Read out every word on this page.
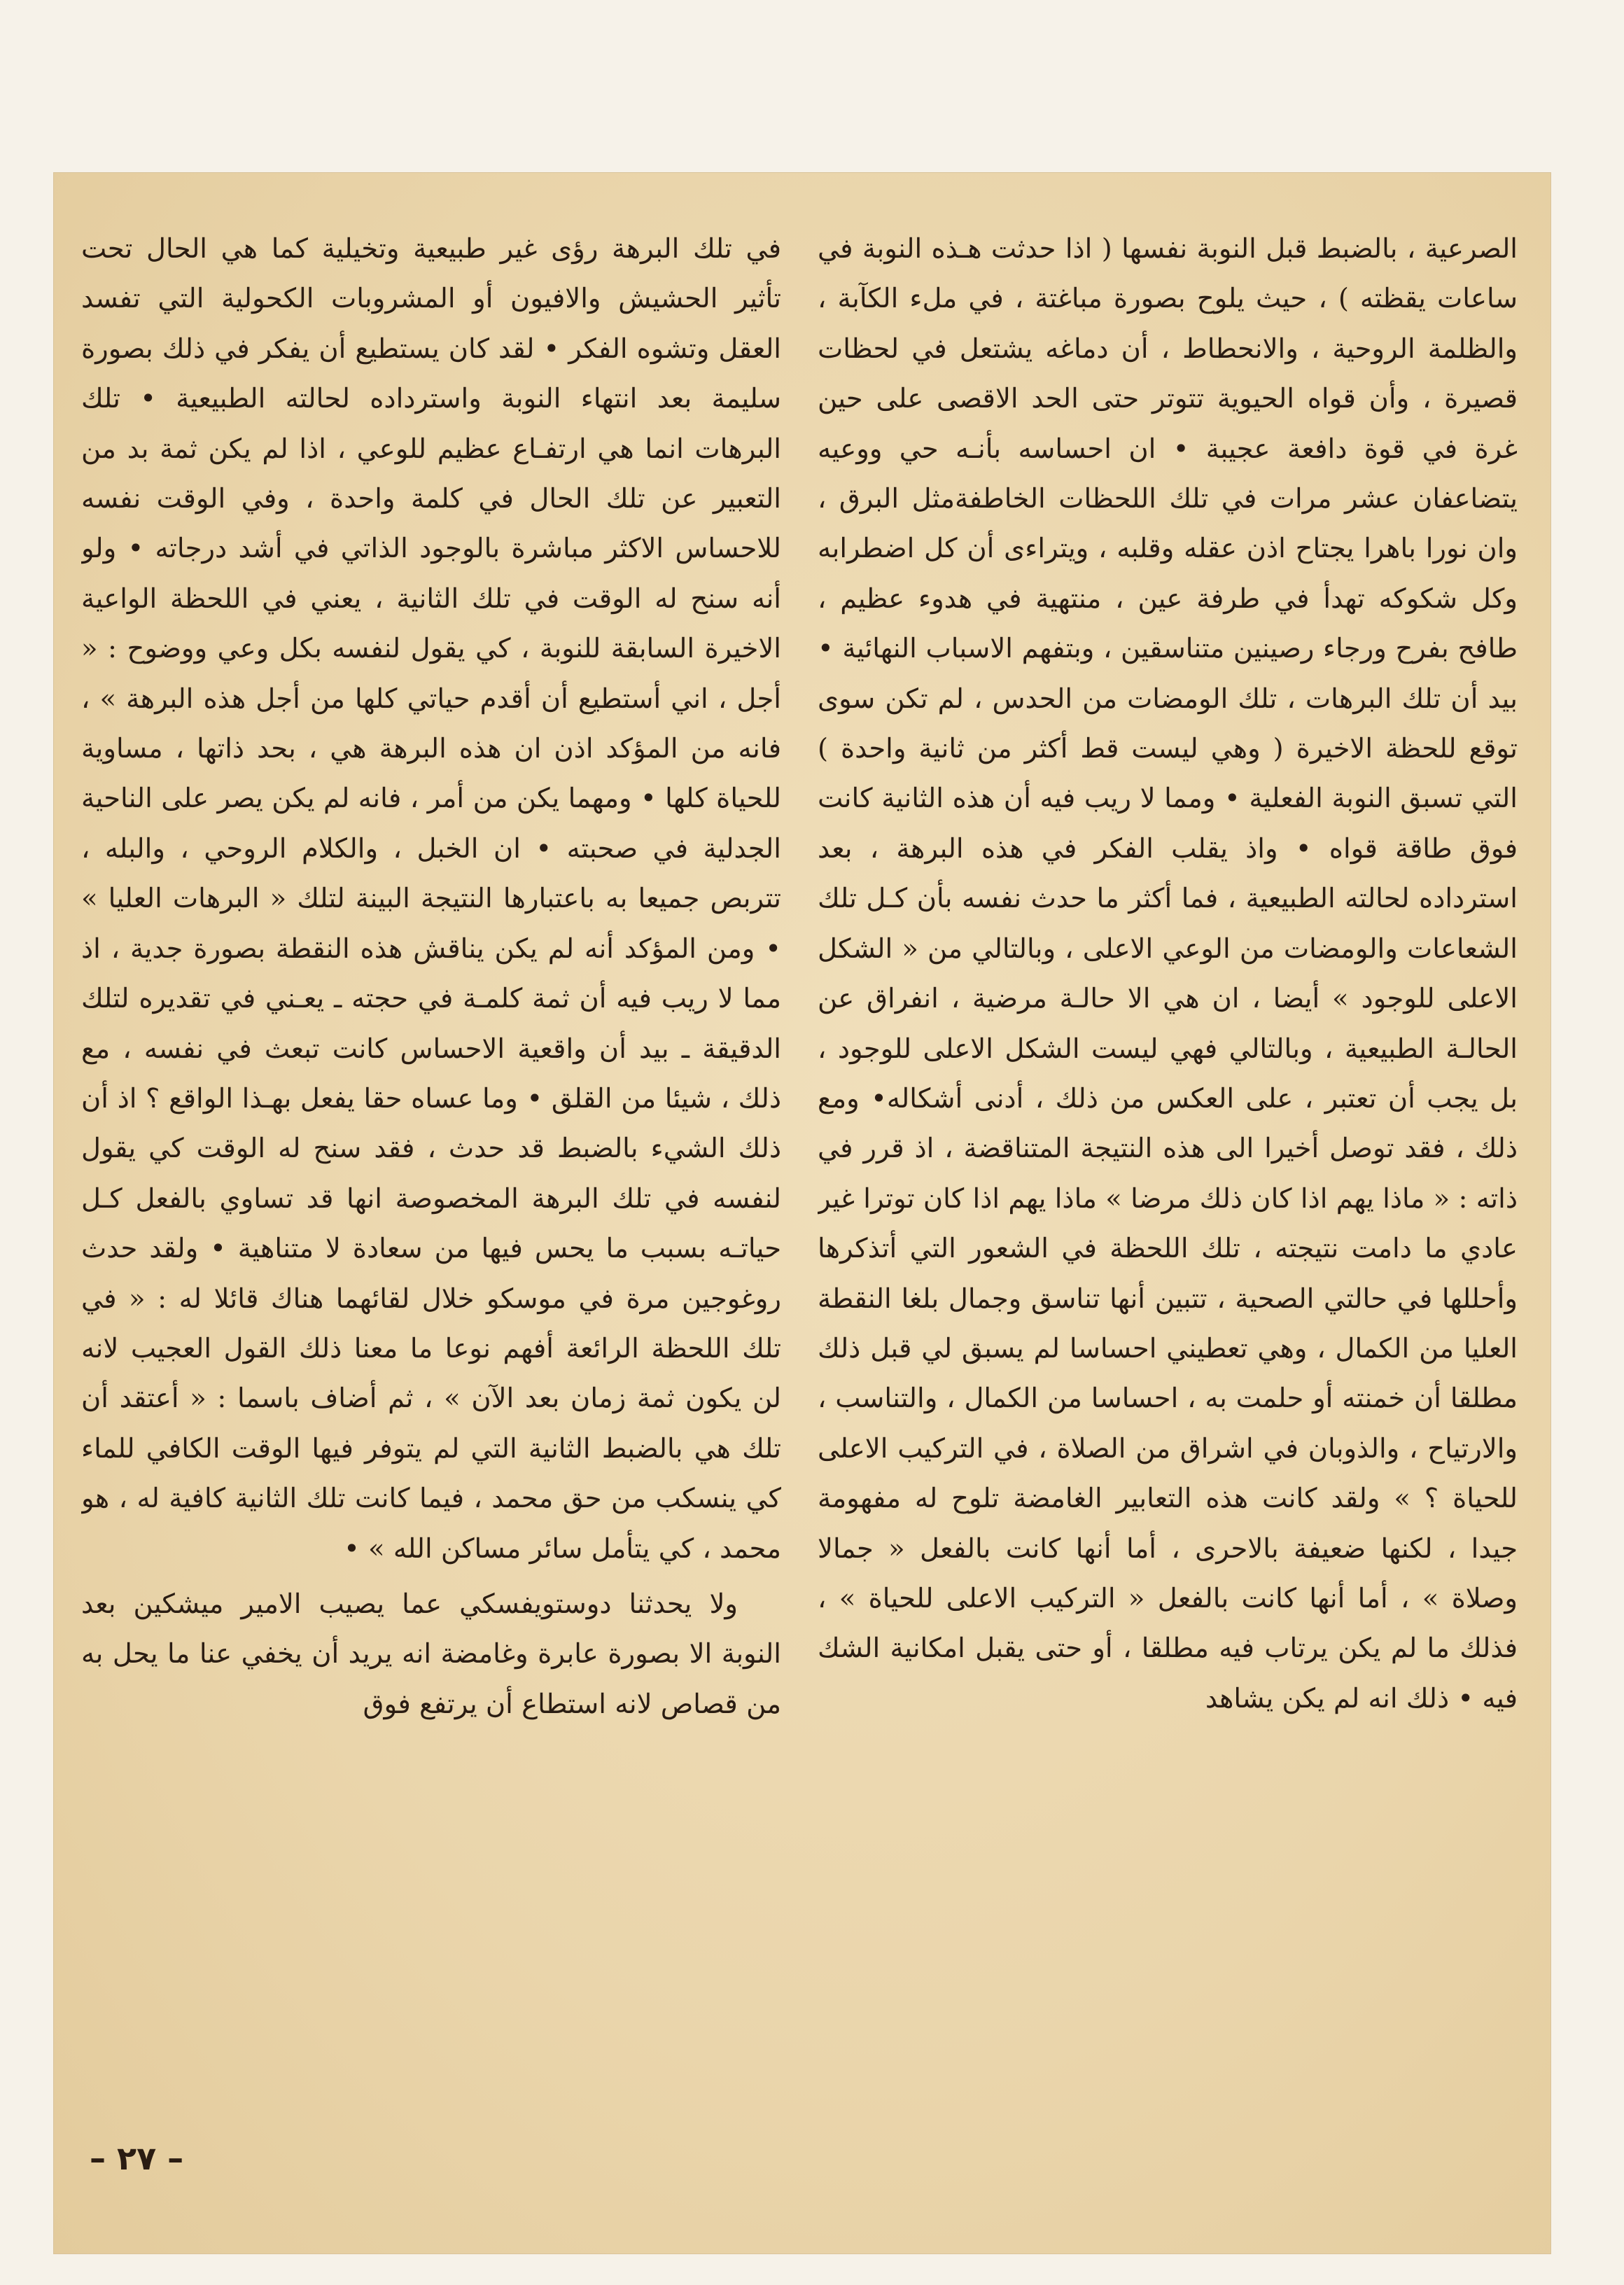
الصرعية ، بالضبط قبل النوبة نفسها ( اذا حدثت هـذه النوبة في ساعات يقظته ) ، حيث يلوح بصورة مباغتة ، في ملء الكآبة ، والظلمة الروحية ، والانحطاط ، أن دماغه يشتعل في لحظات قصيرة ، وأن قواه الحيوية تتوتر حتى الحد الاقصى على حين غرة في قوة دافعة عجيبة • ان احساسه بأنـه حي ووعيه يتضاعفان عشر مرات في تلك اللحظات الخاطفةمثل البرق ، وان نورا باهرا يجتاح اذن عقله وقلبه ، ويتراءى أن كل اضطرابه وكل شكوكه تهدأ في طرفة عين ، منتهية في هدوء عظيم ، طافح بفرح ورجاء رصينين متناسقين ، وبتفهم الاسباب النهائية • بيد أن تلك البرهات ، تلك الومضات من الحدس ، لم تكن سوى توقع للحظة الاخيرة ( وهي ليست قط أكثر من ثانية واحدة ) التي تسبق النوبة الفعلية • ومما لا ريب فيه أن هذه الثانية كانت فوق طاقة قواه • واذ يقلب الفكر في هذه البرهة ، بعد استرداده لحالته الطبيعية ، فما أكثر ما حدث نفسه بأن كـل تلك الشعاعات والومضات من الوعي الاعلى ، وبالتالي من « الشكل الاعلى للوجود » أيضا ، ان هي الا حالـة مرضية ، انفراق عن الحالـة الطبيعية ، وبالتالي فهي ليست الشكل الاعلى للوجود ، بل يجب أن تعتبر ، على العكس من ذلك ، أدنى أشكاله• ومع ذلك ، فقد توصل أخيرا الى هذه النتيجة المتناقضة ، اذ قرر في ذاته : « ماذا يهم اذا كان ذلك مرضا » ماذا يهم اذا كان توترا غير عادي ما دامت نتيجته ، تلك اللحظة في الشعور التي أتذكرها وأحللها في حالتي الصحية ، تتبين أنها تناسق وجمال بلغا النقطة العليا من الكمال ، وهي تعطيني احساسا لم يسبق لي قبل ذلك مطلقا أن خمنته أو حلمت به ، احساسا من الكمال ، والتناسب ، والارتياح ، والذوبان في اشراق من الصلاة ، في التركيب الاعلى للحياة ؟ » ولقد كانت هذه التعابير الغامضة تلوح له مفهومة جيدا ، لكنها ضعيفة بالاحرى ، أما أنها كانت بالفعل « جمالا وصلاة » ، أما أنها كانت بالفعل « التركيب الاعلى للحياة » ، فذلك ما لم يكن يرتاب فيه مطلقا ، أو حتى يقبل امكانية الشك فيه • ذلك انه لم يكن يشاهد

في تلك البرهة رؤى غير طبيعية وتخيلية كما هي الحال تحت تأثير الحشيش والافيون أو المشروبات الكحولية التي تفسد العقل وتشوه الفكر • لقد كان يستطيع أن يفكر في ذلك بصورة سليمة بعد انتهاء النوبة واسترداده لحالته الطبيعية • تلك البرهات انما هي ارتفـاع عظيم للوعي ، اذا لم يكن ثمة بد من التعبير عن تلك الحال في كلمة واحدة ، وفي الوقت نفسه للاحساس الاكثر مباشرة بالوجود الذاتي في أشد درجاته • ولو أنه سنح له الوقت في تلك الثانية ، يعني في اللحظة الواعية الاخيرة السابقة للنوبة ، كي يقول لنفسه بكل وعي ووضوح : « أجل ، اني أستطيع أن أقدم حياتي كلها من أجل هذه البرهة » ، فانه من المؤكد اذن ان هذه البرهة هي ، بحد ذاتها ، مساوية للحياة كلها • ومهما يكن من أمر ، فانه لم يكن يصر على الناحية الجدلية في صحبته • ان الخبل ، والكلام الروحي ، والبله ، تتربص جميعا به باعتبارها النتيجة البينة لتلك « البرهات العليا » • ومن المؤكد أنه لم يكن يناقش هذه النقطة بصورة جدية ، اذ مما لا ريب فيه أن ثمة كلمـة في حجته ـ يعـني في تقديره لتلك الدقيقة ـ بيد أن واقعية الاحساس كانت تبعث في نفسه ، مع ذلك ، شيئا من القلق • وما عساه حقا يفعل بهـذا الواقع ؟ اذ أن ذلك الشيء بالضبط قد حدث ، فقد سنح له الوقت كي يقول لنفسه في تلك البرهة المخصوصة انها قد تساوي بالفعل كـل حياتـه بسبب ما يحس فيها من سعادة لا متناهية • ولقد حدث روغوجين مرة في موسكو خلال لقائهما هناك قائلا له : « في تلك اللحظة الرائعة أفهم نوعا ما معنا ذلك القول العجيب لانه لن يكون ثمة زمان بعد الآن » ، ثم أضاف باسما : « أعتقد أن تلك هي بالضبط الثانية التي لم يتوفر فيها الوقت الكافي للماء كي ينسكب من حق محمد ، فيما كانت تلك الثانية كافية له ، هو محمد ، كي يتأمل سائر مساكن الله » •

ولا يحدثنا دوستويفسكي عما يصيب الامير ميشكين بعد النوبة الا بصورة عابرة وغامضة انه يريد أن يخفي عنا ما يحل به من قصاص لانه استطاع أن يرتفع فوق

– ٢٧ –
